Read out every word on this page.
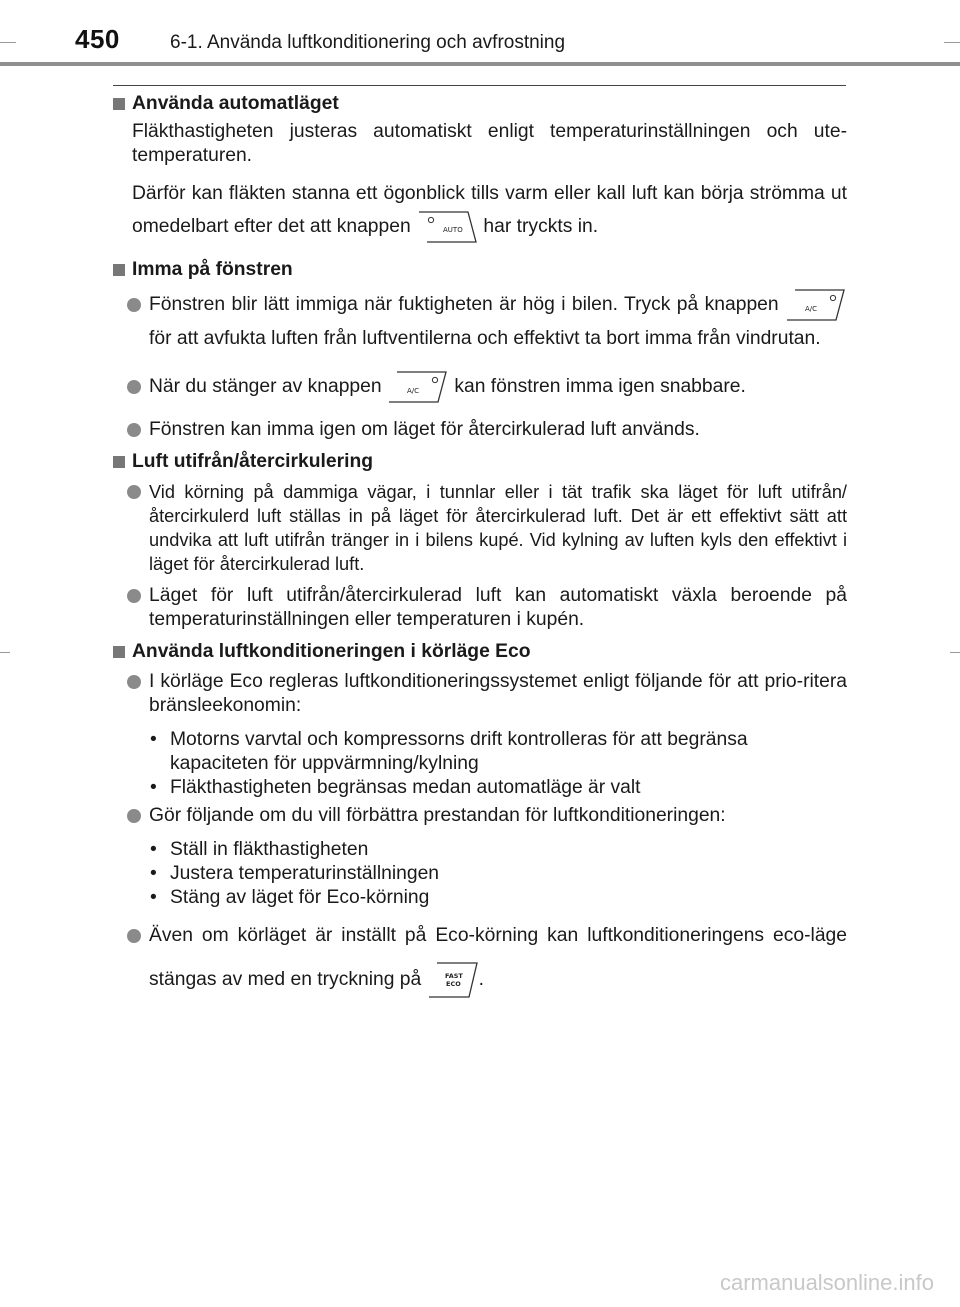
450	6-1. Använda luftkonditionering och avfrostning

Använda automatläget

Fläkthastigheten justeras automatiskt enligt temperaturinställningen och ute-temperaturen.

Därför kan fläkten stanna ett ögonblick tills varm eller kall luft kan börja strömma ut omedelbart efter det att knappen	AUTO har tryckts in.

Imma på fönstren

Fönstren blir lätt immiga när fuktigheten är hög i bilen. Tryck på knappen	A/C
för att avfukta luften från luftventilerna och effektivt ta bort imma från vindrutan.

När du stänger av knappen	A/C kan fönstren imma igen snabbare.

Fönstren kan imma igen om läget för återcirkulerad luft används.

Luft utifrån/återcirkulering

Vid körning på dammiga vägar, i tunnlar eller i tät trafik ska läget för luft utifrån/återcirkulerd luft ställas in på läget för återcirkulerad luft. Det är ett effektivt sätt att undvika att luft utifrån tränger in i bilens kupé. Vid kylning av luften kyls den effektivt i läget för återcirkulerad luft.

Läget för luft utifrån/återcirkulerad luft kan automatiskt växla beroende på temperaturinställningen eller temperaturen i kupén.

Använda luftkonditioneringen i körläge Eco

I körläge Eco regleras luftkonditioneringssystemet enligt följande för att prio-ritera bränsleekonomin:

• Motorns varvtal och kompressorns drift kontrolleras för att begränsa kapaciteten för uppvärmning/kylning

• Fläkthastigheten begränsas medan automatläge är valt

Gör följande om du vill förbättra prestandan för luftkonditioneringen:

• Ställ in fläkthastigheten

• Justera temperaturinställningen

• Stäng av läget för Eco-körning

Även om körläget är inställt på Eco-körning kan luftkonditioneringens eco-läge stängas av med en tryckning på	FAST
ECO .

carmanualsonline.info
